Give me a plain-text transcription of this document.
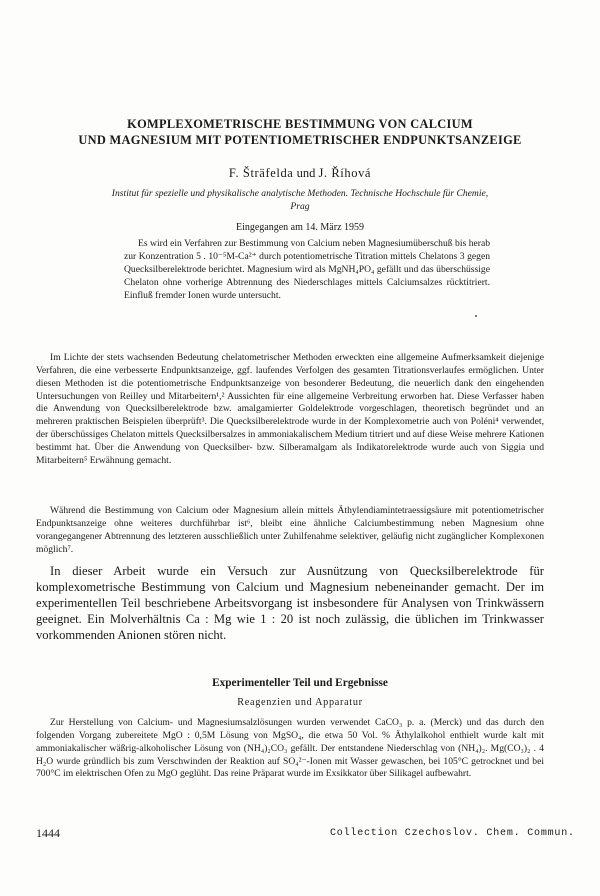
KOMPLEXOMETRISCHE BESTIMMUNG VON CALCIUM
UND MAGNESIUM MIT POTENTIOMETRISCHER ENDPUNKTSANZEIGE
F. Šträfelda und J. Říhová
Institut für spezielle und physikalische analytische Methoden. Technische Hochschule für Chemie,
Prag
Eingegangen am 14. März 1959
Es wird ein Verfahren zur Bestimmung von Calcium neben Magnesiumüberschuß bis herab zur Konzentration 5 . 10⁻⁵M-Ca²⁺ durch potentiometrische Titration mittels Chelatons 3 gegen Quecksilberelektrode berichtet. Magnesium wird als MgNH₄PO₄ gefällt und das überschüssige Chelaton ohne vorherige Abtrennung des Niederschlages mittels Calciumsalzes rücktitriert. Einfluß fremder Ionen wurde untersucht.
Im Lichte der stets wachsenden Bedeutung chelatometrischer Methoden erweckten eine allgemeine Aufmerksamkeit diejenige Verfahren, die eine verbesserte Endpunktsanzeige, ggf. laufendes Verfolgen des gesamten Titrationsverlaufes ermöglichen. Unter diesen Methoden ist die potentiometrische Endpunktsanzeige von besonderer Bedeutung, die neuerlich dank den eingehenden Untersuchungen von Reilley und Mitarbeitern¹,² Aussichten für eine allgemeine Verbreitung erworben hat. Diese Verfasser haben die Anwendung von Quecksilberelektrode bzw. amalgamierter Goldelektrode vorgeschlagen, theoretisch begründet und an mehreren praktischen Beispielen überprüft³. Die Quecksilberelektrode wurde in der Komplexometrie auch von Poléni⁴ verwendet, der überschüssiges Chelaton mittels Quecksilbersalzes in ammoniakalischem Medium titriert und auf diese Weise mehrere Kationen bestimmt hat. Über die Anwendung von Quecksilber- bzw. Silberamalgam als Indikatorelektrode wurde auch von Siggia und Mitarbeitern⁵ Erwähnung gemacht.
Während die Bestimmung von Calcium oder Magnesium allein mittels Äthylendiamintetraessigsäure mit potentiometrischer Endpunktsanzeige ohne weiteres durchführbar ist⁶, bleibt eine ähnliche Calciumbestimmung neben Magnesium ohne vorangegangener Abtrennung des letzteren ausschließlich unter Zuhilfenahme selektiver, geläufig nicht zugänglicher Komplexonen möglich⁷.
In dieser Arbeit wurde ein Versuch zur Ausnützung von Quecksilberelektrode für komplexometrische Bestimmung von Calcium und Magnesium nebeneinander gemacht. Der im experimentellen Teil beschriebene Arbeitsvorgang ist insbesondere für Analysen von Trinkwässern geeignet. Ein Molverhältnis Ca : Mg wie 1 : 20 ist noch zulässig, die üblichen im Trinkwasser vorkommenden Anionen stören nicht.
Experimenteller Teil und Ergebnisse
Reagenzien und Apparatur
Zur Herstellung von Calcium- und Magnesiumsalzlösungen wurden verwendet CaCO₃ p. a. (Merck) und das durch den folgenden Vorgang zubereitete MgO : 0,5M Lösung von MgSO₄, die etwa 50 Vol. % Äthylalkohol enthielt wurde kalt mit ammoniakalischer wäßrig-alkoholischer Lösung von (NH₄)₂CO₃ gefällt. Der entstandene Niederschlag von (NH₄)₂. Mg(CO₃)₂ . 4 H₂O wurde gründlich bis zum Verschwinden der Reaktion auf SO₄²⁻-Ionen mit Wasser gewaschen, bei 105°C getrocknet und bei 700°C im elektrischen Ofen zu MgO geglüht. Das reine Präparat wurde im Exsikkator über Silikagel aufbewahrt.
1444	Collection Czechoslov. Chem. Commun.
